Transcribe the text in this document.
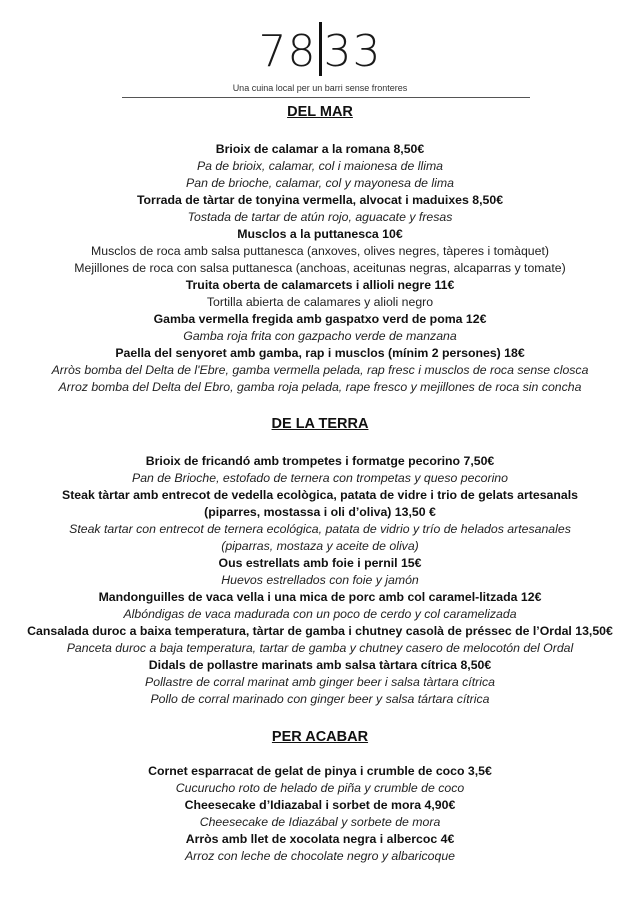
78 33
Una cuina local per un barri sense fronteres
DEL MAR
Brioix de calamar a la romana 8,50€
Pa de brioix, calamar, col i maionesa de llima
Pan de brioche, calamar, col y mayonesa de lima
Torrada de tàrtar de tonyina vermella, alvocat i maduixes 8,50€
Tostada de tartar de atún rojo, aguacate y fresas
Musclos a la puttanesca 10€
Musclos de roca amb salsa puttanesca (anxoves, olives negres, tàperes i tomàquet)
Mejillones de roca con salsa puttanesca (anchoas, aceitunas negras, alcaparras y tomate)
Truita oberta de calamarcets i allioli negre 11€
Tortilla abierta de calamares y alioli negro
Gamba vermella fregida amb gaspatxo verd de poma 12€
Gamba roja frita con gazpacho verde de manzana
Paella del senyoret amb gamba, rap i musclos (mínim 2 persones) 18€
Arròs bomba del Delta de l'Ebre, gamba vermella pelada, rap fresc i musclos de roca sense closca
Arroz bomba del Delta del Ebro, gamba roja pelada, rape fresco y mejillones de roca sin concha
DE LA TERRA
Brioix de fricandó amb trompetes i formatge pecorino 7,50€
Pan de Brioche, estofado de ternera con trompetas y queso pecorino
Steak tàrtar amb entrecot de vedella ecològica, patata de vidre i trio de gelats artesanals
(piparres, mostassa i oli d’oliva) 13,50 €
Steak tartar con entrecot de ternera ecológica, patata de vidrio y trío de helados artesanales
(piparras, mostaza y aceite de oliva)
Ous estrellats amb foie i pernil 15€
Huevos estrellados con foie y jamón
Mandonguilles de vaca vella i una mica de porc amb col caramel-litzada 12€
Albóndigas de vaca madurada con un poco de cerdo y col caramelizada
Cansalada duroc a baixa temperatura, tàrtar de gamba i chutney casolà de préssec de l’Ordal 13,50€
Panceta duroc a baja temperatura, tartar de gamba y chutney casero de melocotón del Ordal
Didals de pollastre marinats amb salsa tàrtara cítrica 8,50€
Pollastre de corral marinat amb ginger beer i salsa tàrtara cítrica
Pollo de corral marinado con ginger beer y salsa tártara cítrica
PER ACABAR
Cornet esparracat de gelat de pinya i crumble de coco 3,5€
Cucurucho roto de helado de piña y crumble de coco
Cheesecake d’Idiazabal i sorbet de mora 4,90€
Cheesecake de Idiazábal y sorbete de mora
Arròs amb llet de xocolata negra i albercoc 4€
Arroz con leche de chocolate negro y albaricoque
